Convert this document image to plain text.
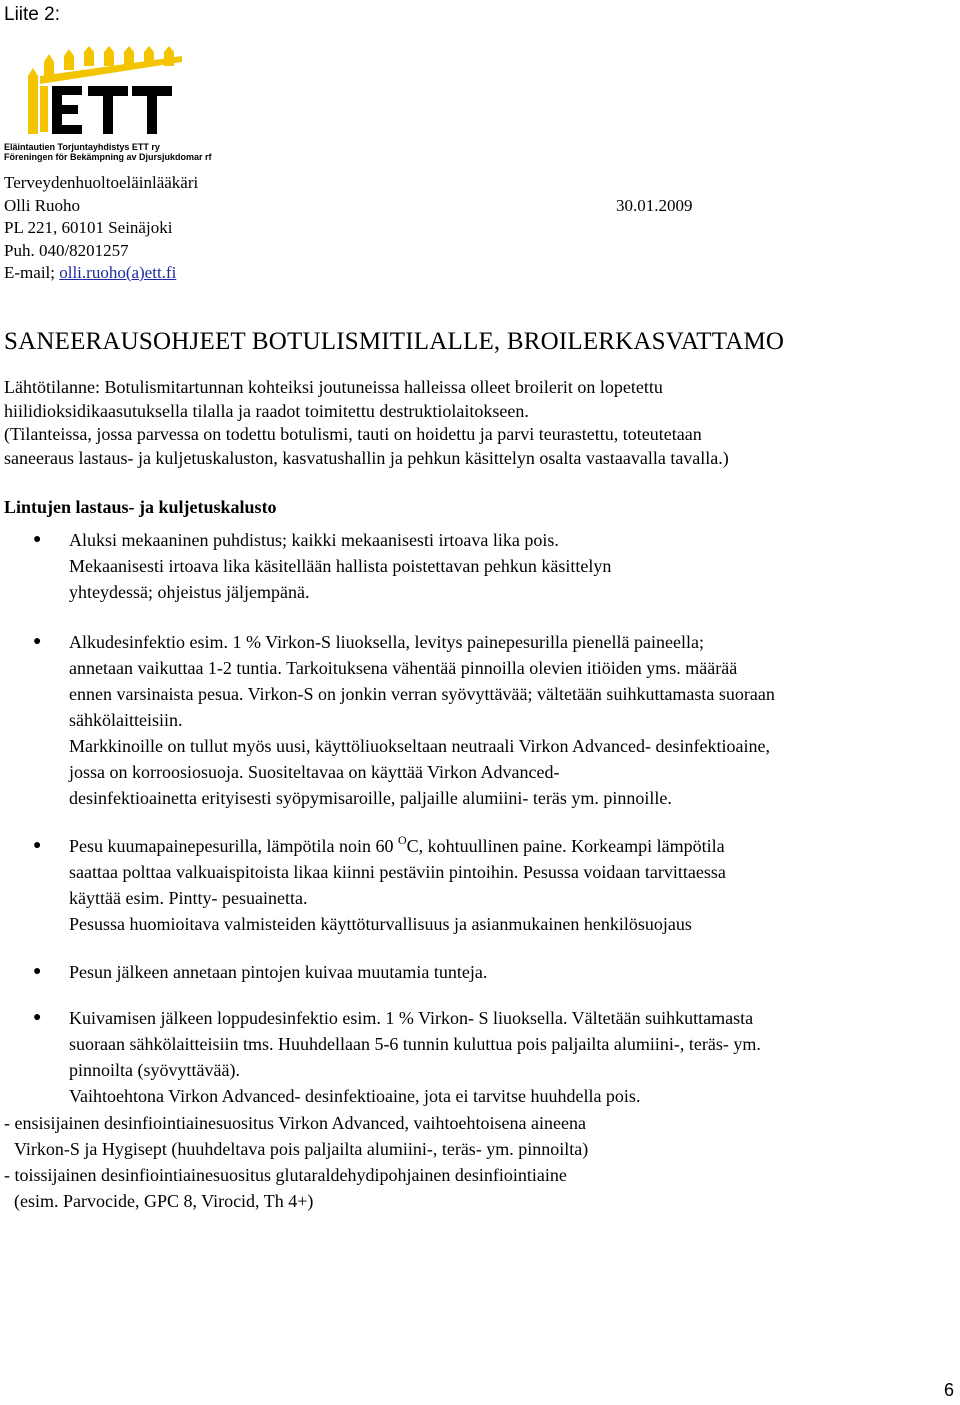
Liite 2:
Eläintautien Torjuntayhdistys ETT ry
Föreningen för Bekämpning av Djursjukdomar rf
Terveydenhuoltoeläinlääkäri
Olli Ruoho	30.01.2009
PL 221, 60101 Seinäjoki
Puh. 040/8201257
E-mail; olli.ruoho(a)ett.fi
SANEERAUSOHJEET BOTULISMITILALLE, BROILERKASVATTAMO

Lähtötilanne: Botulismitartunnan kohteiksi joutuneissa halleissa olleet broilerit on lopetettu

hiilidioksidikaasutuksella tilalla ja raadot toimitettu destruktiolaitokseen.

(Tilanteissa, jossa parvessa on todettu botulismi, tauti on hoidettu ja parvi teurastettu, toteutetaan

saneeraus lastaus- ja kuljetuskaluston, kasvatushallin ja pehkun käsittelyn osalta vastaavalla tavalla.)

Lintujen lastaus- ja kuljetuskalusto
● Aluksi mekaaninen puhdistus; kaikki mekaanisesti irtoava lika pois.

Mekaanisesti irtoava lika käsitellään hallista poistettavan pehkun käsittelyn

yhteydessä; ohjeistus jäljempänä.

● Alkudesinfektio esim. 1 % Virkon-S liuoksella, levitys painepesurilla pienellä paineella;

annetaan vaikuttaa 1-2 tuntia. Tarkoituksena vähentää pinnoilla olevien itiöiden yms. määrää

ennen varsinaista pesua. Virkon-S on jonkin verran syövyttävää; vältetään suihkuttamasta suoraan

sähkölaitteisiin.

Markkinoille on tullut myös uusi, käyttöliuokseltaan neutraali Virkon Advanced- desinfektioaine,

jossa on korroosiosuoja. Suositeltavaa on käyttää Virkon Advanced-

desinfektioainetta erityisesti syöpymisaroille, paljaille alumiini- teräs ym. pinnoille.

● Pesu kuumapainepesurilla, lämpötila noin 60 $^O$C, kohtuullinen paine. Korkeampi lämpötila

saattaa polttaa valkuaispitoista likaa kiinni pestäviin pintoihin. Pesussa voidaan tarvittaessa

käyttää esim. Pintty- pesuainetta.

Pesussa huomioitava valmisteiden käyttöturvallisuus ja asianmukainen henkilösuojaus

● Pesun jälkeen annetaan pintojen kuivaa muutamia tunteja.

● Kuivamisen jälkeen loppudesinfektio esim. 1 % Virkon- S liuoksella. Vältetään suihkuttamasta

suoraan sähkölaitteisiin tms. Huuhdellaan 5-6 tunnin kuluttua pois paljailta alumiini-, teräs- ym.

pinnoilta (syövyttävää).

Vaihtoehtona Virkon Advanced- desinfektioaine, jota ei tarvitse huuhdella pois.

- ensisijainen desinfiointiainesuositus Virkon Advanced, vaihtoehtoisena aineena

Virkon-S ja Hygisept (huuhdeltava pois paljailta alumiini-, teräs- ym. pinnoilta)

- toissijainen desinfiointiainesuositus glutaraldehydipohjainen desinfiointiaine

(esim. Parvocide, GPC 8, Virocid, Th 4+)

6
